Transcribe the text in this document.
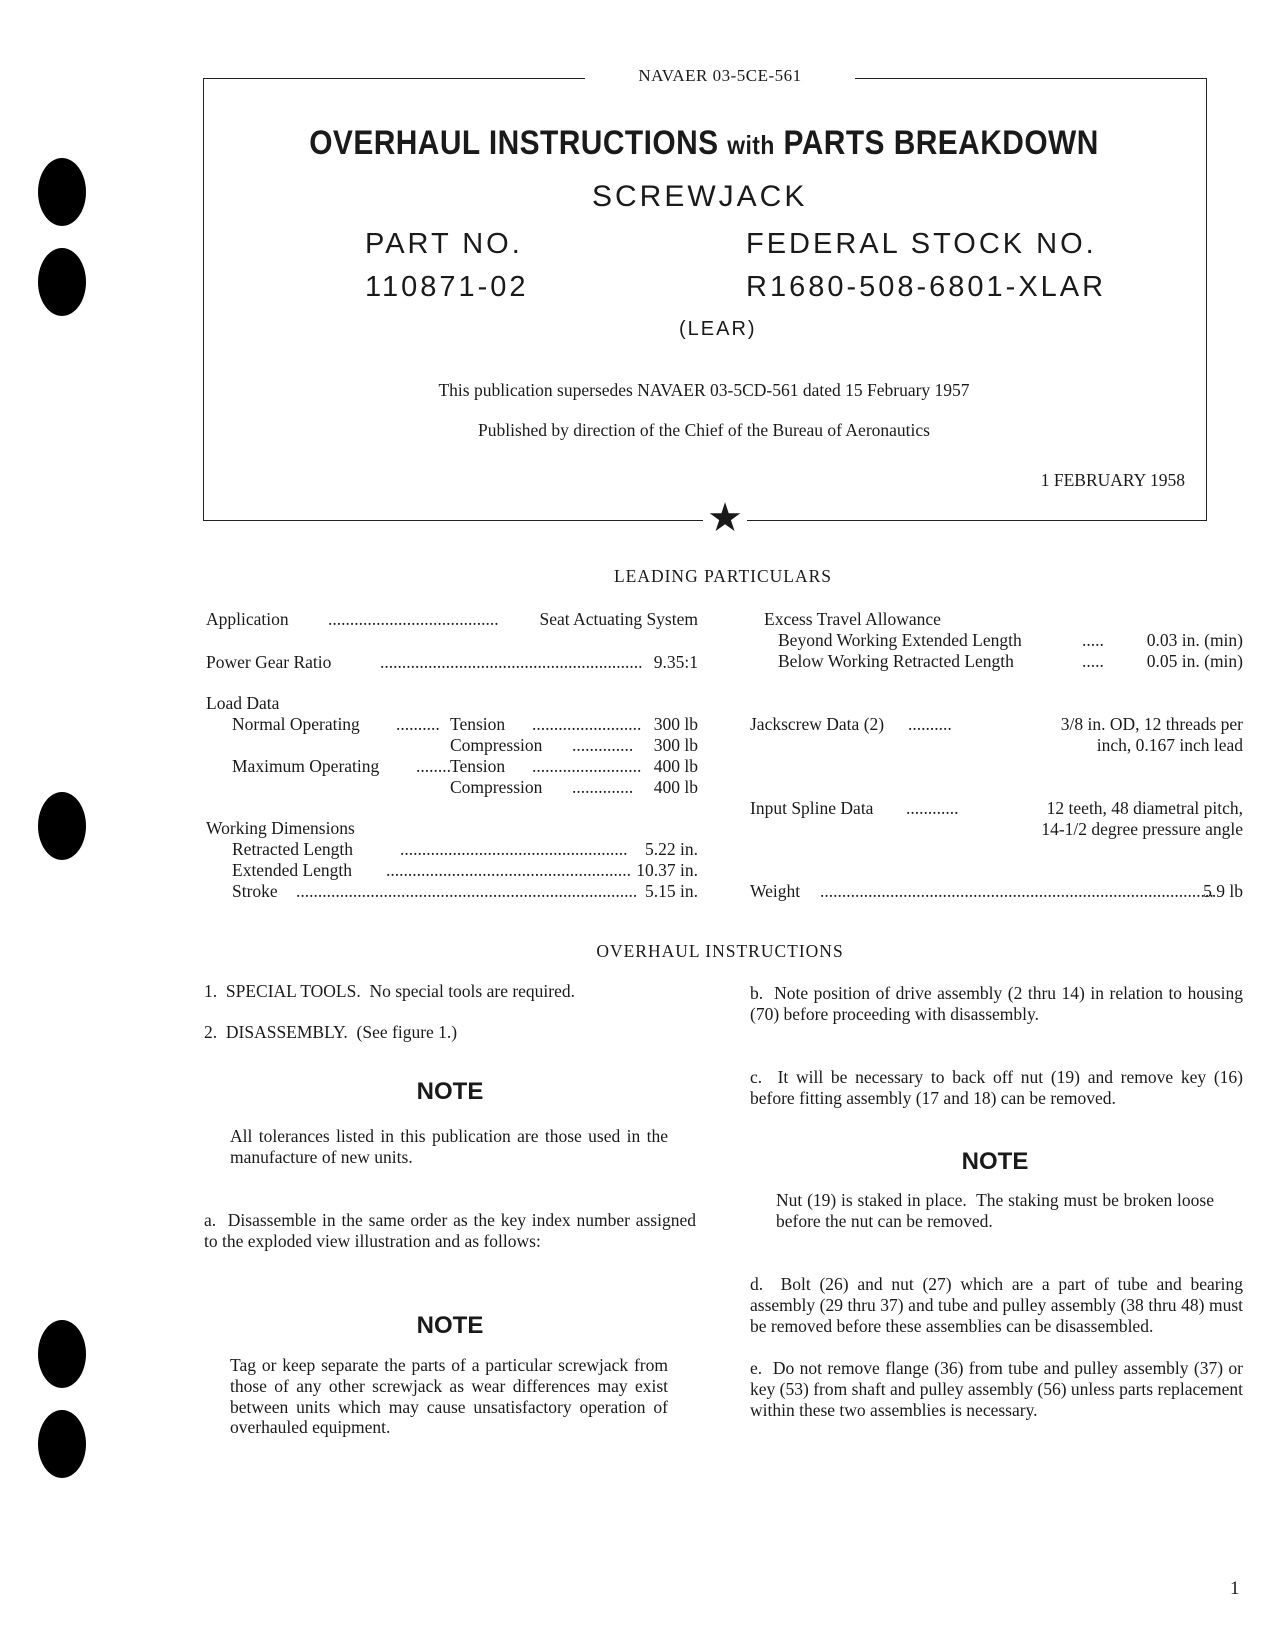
★
NAVAER 03-5CE-561
OVERHAUL INSTRUCTIONS with PARTS BREAKDOWN
SCREWJACK
PART NO.	FEDERAL STOCK NO.
110871-02	R1680-508-6801-XLAR
(LEAR)
This publication supersedes NAVAER 03-5CD-561 dated 15 February 1957
Published by direction of the Chief of the Bureau of Aeronautics
1 FEBRUARY 1958
LEADING PARTICULARS
Application .......................................	Seat Actuating System
Power Gear Ratio	............................................................ 9.35:1
Load Data
Normal Operating .......... Tension ......................... 300 lb
Compression ..............	300 lb
Maximum Operating ........ Tension ......................... 400 lb
Compression ..............	400 lb
Working Dimensions
Retracted Length	....................................................	5.22 in.
Extended Length ........................................................ 10.37 in.
Stroke .............................................................................. 5.15 in.
Excess Travel Allowance
Beyond Working Extended Length	.....	0.03 in. (min)
Below Working Retracted Length	.....	0.05 in. (min)
Jackscrew Data (2) ..........	3/8 in. OD, 12 threads per
inch, 0.167 inch lead
Input Spline Data ............	12 teeth, 48 diametral pitch,
14-1/2 degree pressure angle
Weight ..........................................................................................
5.9 lb
OVERHAUL INSTRUCTIONS
1.  SPECIAL TOOLS.  No special tools are required.
2.  DISASSEMBLY.  (See figure 1.)
NOTE
All tolerances listed in this publication are those used in the manufacture of new units.
a.  Disassemble in the same order as the key index number assigned to the exploded view illustration and as follows:
NOTE
Tag or keep separate the parts of a particular screwjack from those of any other screwjack as wear differences may exist between units which may cause unsatisfactory operation of overhauled equipment.
b.  Note position of drive assembly (2 thru 14) in relation to housing (70) before proceeding with disassembly.
c.  It will be necessary to back off nut (19) and remove key (16) before fitting assembly (17 and 18) can be removed.
NOTE
Nut (19) is staked in place.  The staking must be broken loose before the nut can be removed.
d.  Bolt (26) and nut (27) which are a part of tube and bearing assembly (29 thru 37) and tube and pulley assembly (38 thru 48) must be removed before these assemblies can be disassembled.
e.  Do not remove flange (36) from tube and pulley assembly (37) or key (53) from shaft and pulley assembly (56) unless parts replacement within these two assemblies is necessary.
1
